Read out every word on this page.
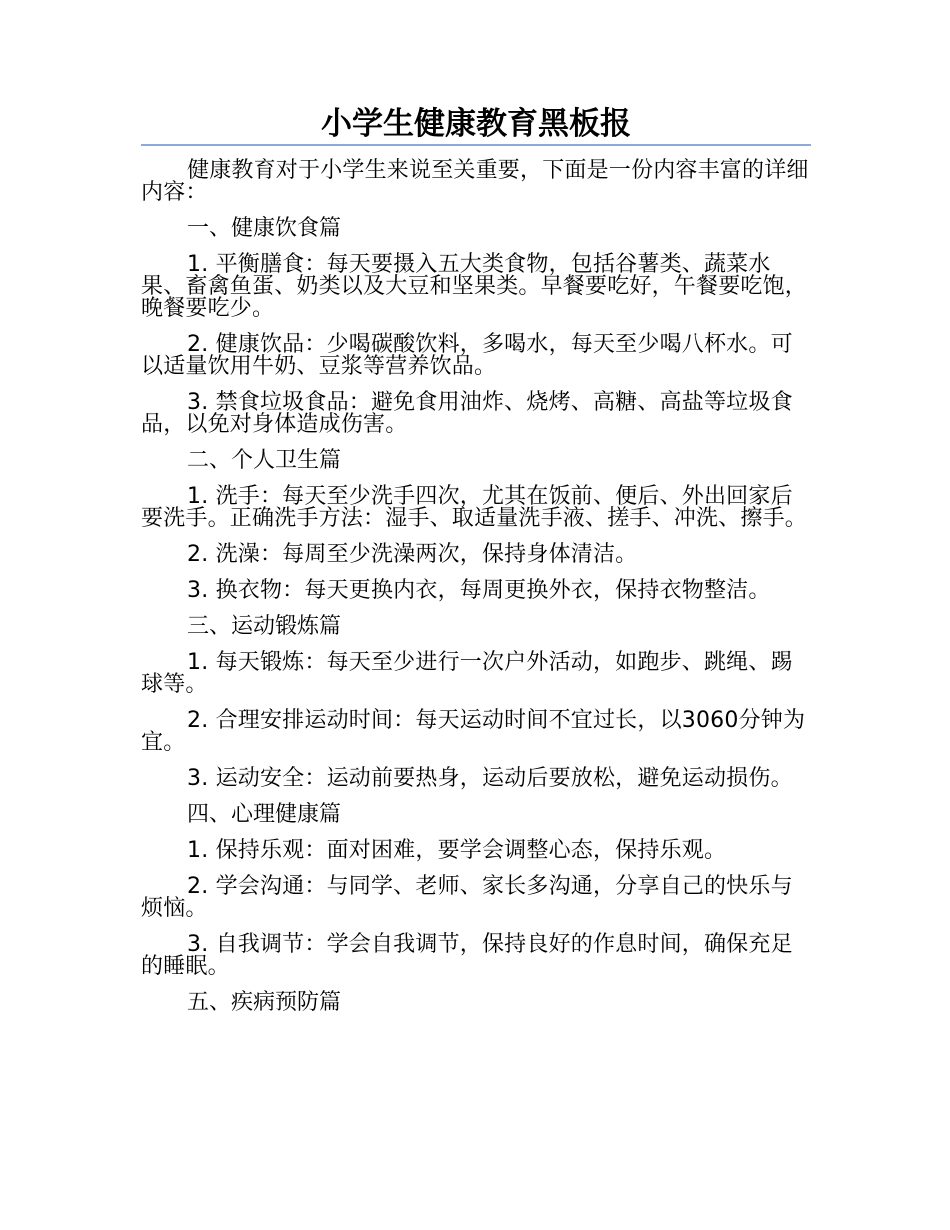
小学生健康教育黑板报

健康教育对于小学生来说至关重要，下面是一份内容丰富的详细内容：

一、健康饮食篇

1. 平衡膳食：每天要摄入五大类食物，包括谷薯类、蔬菜水果、畜禽鱼蛋、奶类以及大豆和坚果类。早餐要吃好，午餐要吃饱，晚餐要吃少。

2. 健康饮品：少喝碳酸饮料，多喝水，每天至少喝八杯水。可以适量饮用牛奶、豆浆等营养饮品。

3. 禁食垃圾食品：避免食用油炸、烧烤、高糖、高盐等垃圾食品，以免对身体造成伤害。

二、个人卫生篇

1. 洗手：每天至少洗手四次，尤其在饭前、便后、外出回家后要洗手。正确洗手方法：湿手、取适量洗手液、搓手、冲洗、擦手。

2. 洗澡：每周至少洗澡两次，保持身体清洁。

3. 换衣物：每天更换内衣，每周更换外衣，保持衣物整洁。

三、运动锻炼篇

1. 每天锻炼：每天至少进行一次户外活动，如跑步、跳绳、踢球等。

2. 合理安排运动时间：每天运动时间不宜过长，以3060分钟为宜。

3. 运动安全：运动前要热身，运动后要放松，避免运动损伤。

四、心理健康篇

1. 保持乐观：面对困难，要学会调整心态，保持乐观。

2. 学会沟通：与同学、老师、家长多沟通，分享自己的快乐与烦恼。

3. 自我调节：学会自我调节，保持良好的作息时间，确保充足的睡眠。

五、疾病预防篇
